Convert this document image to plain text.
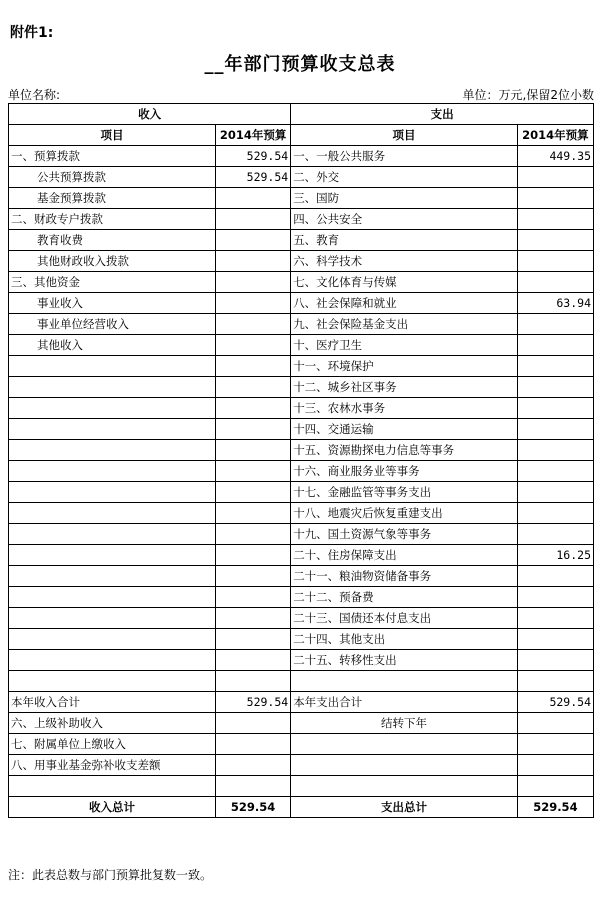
附件1:
__年部门预算收支总表
单位名称:	单位：万元,保留2位小数
收入		支出	
项目	2014年预算	项目	2014年预算
一、预算拨款	529.54	一、一般公共服务	449.35
公共预算拨款	529.54	二、外交	
基金预算拨款		三、国防	
二、财政专户拨款		四、公共安全	
教育收费		五、教育	
其他财政收入拨款		六、科学技术	
三、其他资金		七、文化体育与传媒	
事业收入		八、社会保障和就业	63.94
事业单位经营收入		九、社会保险基金支出	
其他收入		十、医疗卫生	
		十一、环境保护	
		十二、城乡社区事务	
		十三、农林水事务	
		十四、交通运输	
		十五、资源勘探电力信息等事务	
		十六、商业服务业等事务	
		十七、金融监管等事务支出	
		十八、地震灾后恢复重建支出	
		十九、国土资源气象等事务	
		二十、住房保障支出	16.25
		二十一、粮油物资储备事务	
		二十二、预备费	
		二十三、国债还本付息支出	
		二十四、其他支出	
		二十五、转移性支出	

本年收入合计	529.54	本年支出合计	529.54
六、上级补助收入		结转下年	
七、附属单位上缴收入			
八、用事业基金弥补收支差额			

收入总计	529.54	支出总计	529.54
注：此表总数与部门预算批复数一致。
